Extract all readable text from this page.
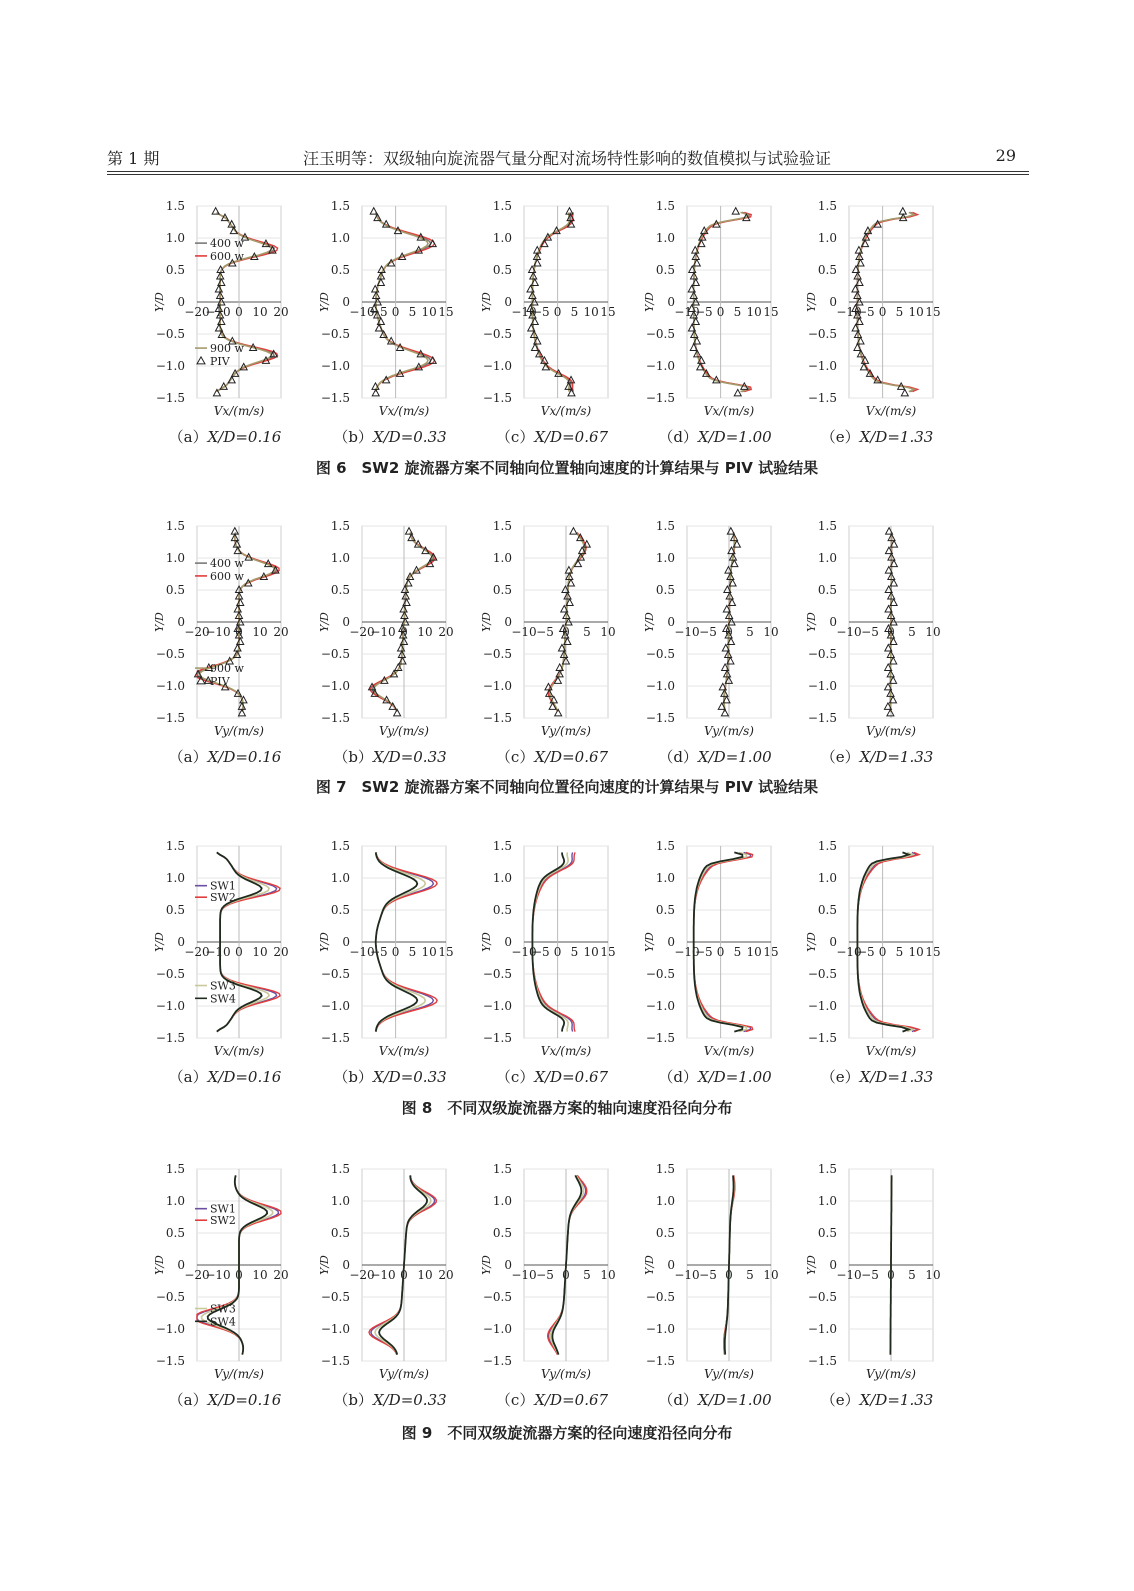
第 1 期	汪玉明等：双级轴向旋流器气量分配对流场特性影响的数值模拟与试验验证	29
1.5
1.0
0.5
0
−0.5
−1.0
−1.5
−20
−10 0 10 20
Y/D
Vx/(m/s)
400 w
600 w
900 w
PIV
（a）X/D=0.16
1.5
1.0
0.5
0
−0.5
−1.0
−1.5
−10
−5 0 5 10 15
Y/D
Vx/(m/s)
（b）X/D=0.33
1.5
1.0
0.5
0
−0.5
−1.0
−1.5
−10
−5 0 5 10 15
Y/D
Vx/(m/s)
（c）X/D=0.67
1.5
1.0
0.5
0
−0.5
−1.0
−1.5
−10
−5 0 5 10 15
Y/D
Vx/(m/s)
（d）X/D=1.00
1.5
1.0
0.5
0
−0.5
−1.0
−1.5
−10
−5 0 5 10 15
Y/D
Vx/(m/s)
（e）X/D=1.33
图 6　SW2 旋流器方案不同轴向位置轴向速度的计算结果与 PIV 试验结果
1.5
1.0
0.5
0
−0.5
−1.0
−1.5
−20
−10 0 10 20
Y/D
Vy/(m/s)
400 w
600 w
900 w
PIV
（a）X/D=0.16
1.5
1.0
0.5
0
−0.5
−1.0
−1.5
−20
−10 0 10 20
Y/D
Vy/(m/s)
（b）X/D=0.33
1.5
1.0
0.5
0
−0.5
−1.0
−1.5
−10 −5 0 5 10
Y/D
Vy/(m/s)
（c）X/D=0.67
1.5
1.0
0.5
0
−0.5
−1.0
−1.5
−10 −5 0 5 10
Y/D
Vy/(m/s)
（d）X/D=1.00
1.5
1.0
0.5
0
−0.5
−1.0
−1.5
−10 −5 0 5 10
Y/D
Vy/(m/s)
（e）X/D=1.33
图 7　SW2 旋流器方案不同轴向位置径向速度的计算结果与 PIV 试验结果
1.5
1.0
0.5
0
−0.5
−1.0
−1.5
−20
−10 0 10 20
Y/D
Vx/(m/s)
SW1
SW2
SW3
SW4
（a）X/D=0.16
1.5
1.0
0.5
0
−0.5
−1.0
−1.5
−10
−5 0 5 10 15
Y/D
Vx/(m/s)
（b）X/D=0.33
1.5
1.0
0.5
0
−0.5
−1.0
−1.5
−10
−5 0 5 10 15
Y/D
Vx/(m/s)
（c）X/D=0.67
1.5
1.0
0.5
0
−0.5
−1.0
−1.5
−10
−5 0 5 10 15
Y/D
Vx/(m/s)
（d）X/D=1.00
1.5
1.0
0.5
0
−0.5
−1.0
−1.5
−10
−5 0 5 10 15
Y/D
Vx/(m/s)
（e）X/D=1.33
图 8　不同双级旋流器方案的轴向速度沿径向分布
1.5
1.0
0.5
0
−0.5
−1.0
−1.5
−20
−10 0 10 20
Y/D
Vy/(m/s)
SW1
SW2
SW3
SW4
（a）X/D=0.16
1.5
1.0
0.5
0
−0.5
−1.0
−1.5
−20
−10 0 10 20
Y/D
Vy/(m/s)
（b）X/D=0.33
1.5
1.0
0.5
0
−0.5
−1.0
−1.5
−10 −5 0 5 10
Y/D
Vy/(m/s)
（c）X/D=0.67
1.5
1.0
0.5
0
−0.5
−1.0
−1.5
−10 −5 0 5 10
Y/D
Vy/(m/s)
（d）X/D=1.00
1.5
1.0
0.5
0
−0.5
−1.0
−1.5
−10 −5 0 5 10
Y/D
Vy/(m/s)
（e）X/D=1.33
图 9　不同双级旋流器方案的径向速度沿径向分布
